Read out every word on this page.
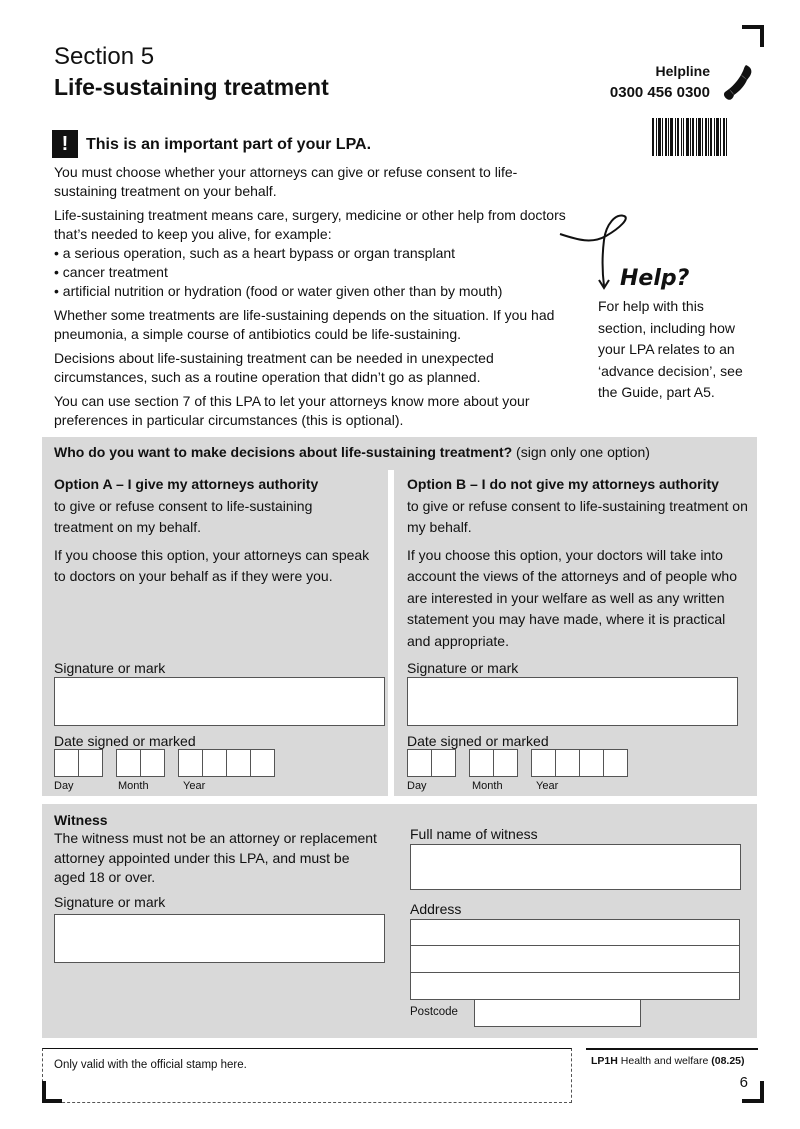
Section 5
Life-sustaining treatment
Helpline
0300 456 0300
!	This is an important part of your LPA.

You must choose whether your attorneys can give or refuse consent to life-sustaining treatment on your behalf.

Life-sustaining treatment means care, surgery, medicine or other help from doctors that’s needed to keep you alive, for example:

• a serious operation, such as a heart bypass or organ transplant
• cancer treatment
• artificial nutrition or hydration (food or water given other than by mouth)

Whether some treatments are life-sustaining depends on the situation. If you had pneumonia, a simple course of antibiotics could be life-sustaining.

Decisions about life-sustaining treatment can be needed in unexpected circumstances, such as a routine operation that didn’t go as planned.

You can use section 7 of this LPA to let your attorneys know more about your preferences in particular circumstances (this is optional).

Help?
For help with this section, including how your LPA relates to an ‘advance decision’, see the Guide, part A5.
Who do you want to make decisions about life-sustaining treatment? (sign only one option)
Option A – I give my attorneys authority

to give or refuse consent to life-sustaining treatment on my behalf.

If you choose this option, your attorneys can speak to doctors on your behalf as if they were you.

Signature or mark
Date signed or marked
Day	Month	Year
Option B – I do not give my attorneys authority

to give or refuse consent to life-sustaining treatment on my behalf.

If you choose this option, your doctors will take into account the views of the attorneys and of people who are interested in your welfare as well as any written statement you may have made, where it is practical and appropriate.

Signature or mark
Date signed or marked
Day	Month	Year
Witness
The witness must not be an attorney or replacement attorney appointed under this LPA, and must be aged 18 or over.
Signature or mark
Full name of witness
Address
Postcode
Only valid with the official stamp here.	LP1H Health and welfare (08.25)
6
